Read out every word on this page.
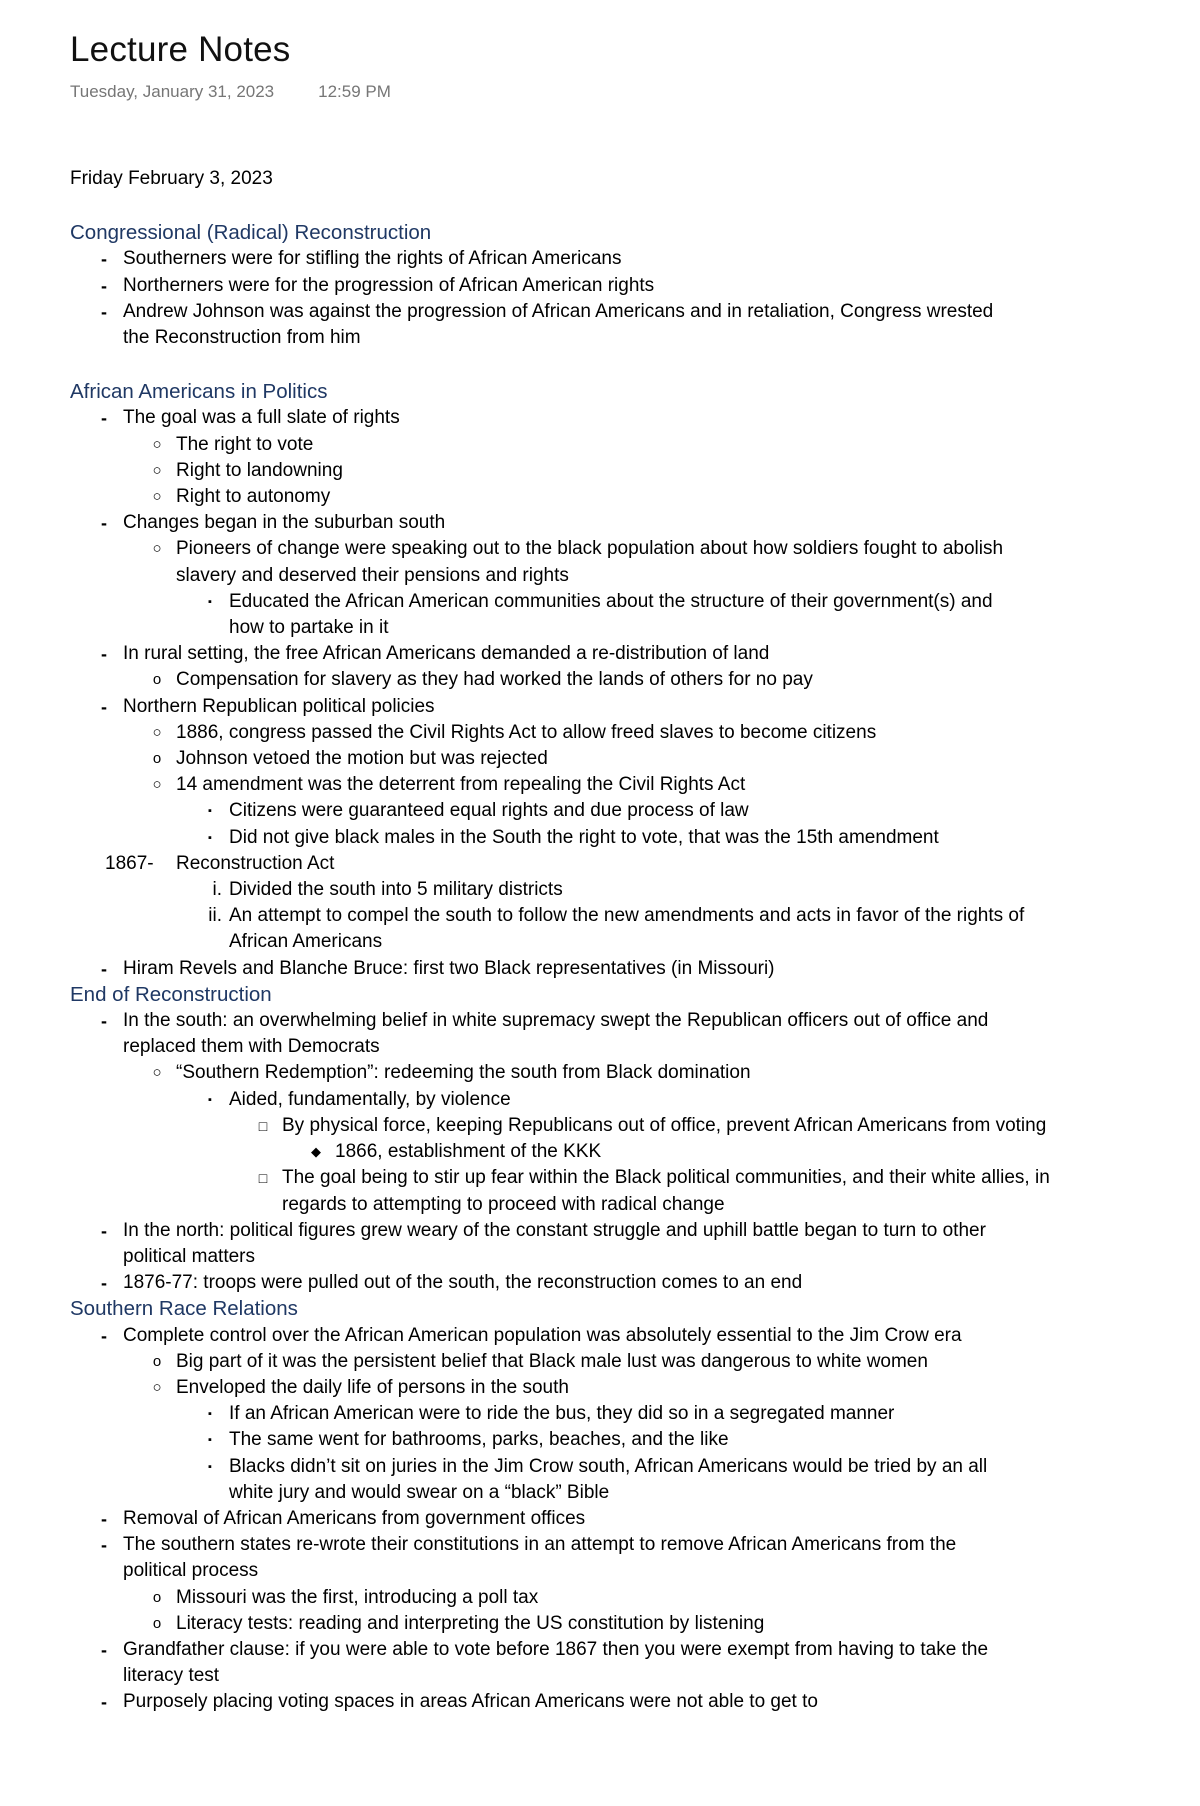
Lecture Notes
Tuesday, January 31, 2023	12:59 PM
Friday February 3, 2023
Congressional (Radical) Reconstruction
- Southerners were for stifling the rights of African Americans
- Northerners were for the progression of African American rights
- Andrew Johnson was against the progression of African Americans and in retaliation, Congress wrested the Reconstruction from him
African Americans in Politics
- The goal was a full slate of rights
○ The right to vote
○ Right to landowning
○ Right to autonomy
- Changes began in the suburban south
○ Pioneers of change were speaking out to the black population about how soldiers fought to abolish slavery and deserved their pensions and rights
▪ Educated the African American communities about the structure of their government(s) and how to partake in it
- In rural setting, the free African Americans demanded a re-distribution of land
o Compensation for slavery as they had worked the lands of others for no pay
- Northern Republican political policies
○ 1886, congress passed the Civil Rights Act to allow freed slaves to become citizens
o Johnson vetoed the motion but was rejected
○ 14 amendment was the deterrent from repealing the Civil Rights Act
▪ Citizens were guaranteed equal rights and due process of law
▪ Did not give black males in the South the right to vote, that was the 15th amendment
1867- Reconstruction Act
i. Divided the south into 5 military districts
ii. An attempt to compel the south to follow the new amendments and acts in favor of the rights of African Americans
- Hiram Revels and Blanche Bruce: first two Black representatives (in Missouri)
End of Reconstruction
- In the south: an overwhelming belief in white supremacy swept the Republican officers out of office and replaced them with Democrats
○ “Southern Redemption”: redeeming the south from Black domination
▪ Aided, fundamentally, by violence
□ By physical force, keeping Republicans out of office, prevent African Americans from voting
◆ 1866, establishment of the KKK
□ The goal being to stir up fear within the Black political communities, and their white allies, in regards to attempting to proceed with radical change
- In the north: political figures grew weary of the constant struggle and uphill battle began to turn to other political matters
- 1876-77: troops were pulled out of the south, the reconstruction comes to an end
Southern Race Relations
- Complete control over the African American population was absolutely essential to the Jim Crow era
o Big part of it was the persistent belief that Black male lust was dangerous to white women
○ Enveloped the daily life of persons in the south
▪ If an African American were to ride the bus, they did so in a segregated manner
▪ The same went for bathrooms, parks, beaches, and the like
▪ Blacks didn’t sit on juries in the Jim Crow south, African Americans would be tried by an all white jury and would swear on a “black” Bible
- Removal of African Americans from government offices
- The southern states re-wrote their constitutions in an attempt to remove African Americans from the political process
o Missouri was the first, introducing a poll tax
o Literacy tests: reading and interpreting the US constitution by listening
- Grandfather clause: if you were able to vote before 1867 then you were exempt from having to take the literacy test
- Purposely placing voting spaces in areas African Americans were not able to get to
